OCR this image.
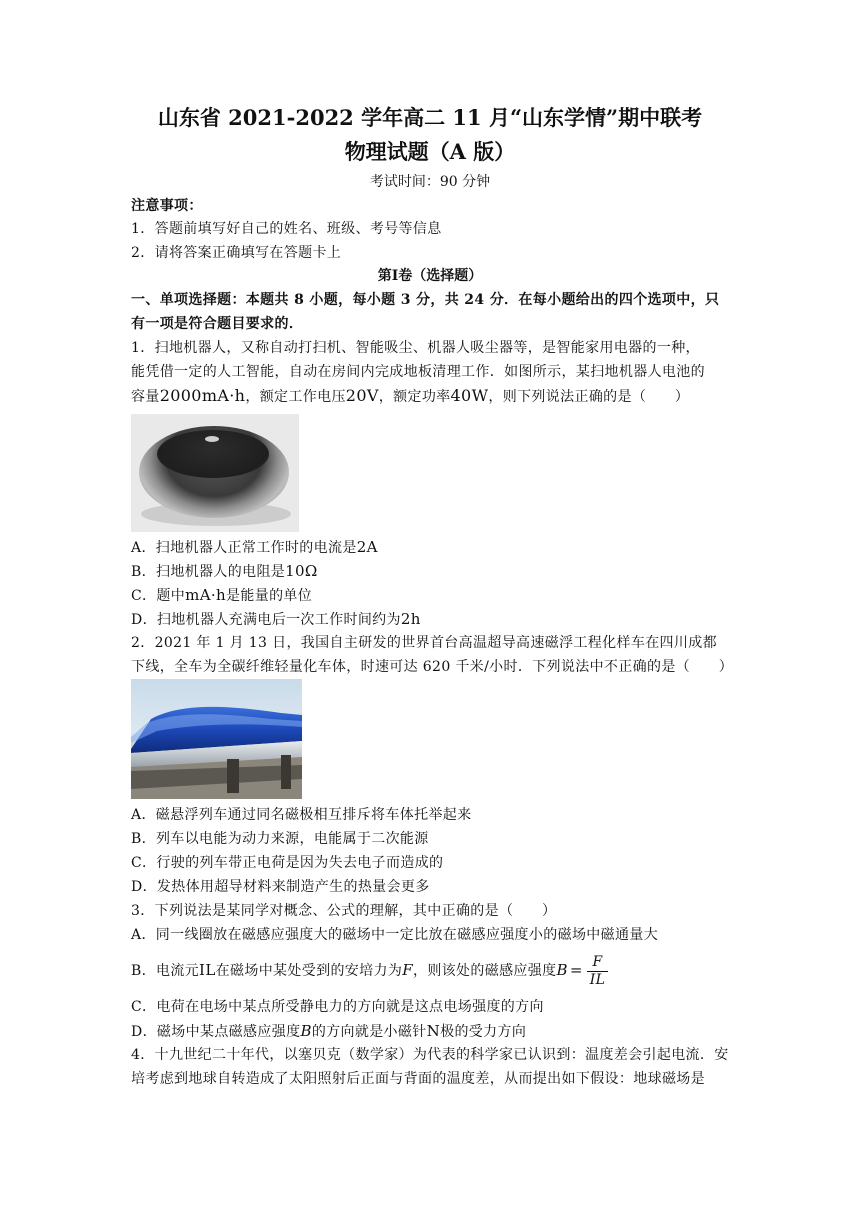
山东省 2021-2022 学年高二 11 月“山东学情”期中联考
物理试题（A 版）
考试时间：90 分钟
注意事项：
1．答题前填写好自己的姓名、班级、考号等信息
2．请将答案正确填写在答题卡上
第I卷（选择题）
一、单项选择题：本题共 8 小题，每小题 3 分，共 24 分．在每小题给出的四个选项中，只
有一项是符合题目要求的．
1．扫地机器人，又称自动打扫机、智能吸尘、机器人吸尘器等，是智能家用电器的一种，
能凭借一定的人工智能，自动在房间内完成地板清理工作．如图所示，某扫地机器人电池的
容量2000mA·h，额定工作电压20V，额定功率40W，则下列说法正确的是（　　）
A．扫地机器人正常工作时的电流是2A
B．扫地机器人的电阻是10Ω
C．题中mA·h是能量的单位
D．扫地机器人充满电后一次工作时间约为2h
2．2021 年 1 月 13 日，我国自主研发的世界首台高温超导高速磁浮工程化样车在四川成都
下线，全车为全碳纤维轻量化车体，时速可达 620 千米/小时．下列说法中不正确的是（　　）
A．磁悬浮列车通过同名磁极相互排斥将车体托举起来
B．列车以电能为动力来源，电能属于二次能源
C．行驶的列车带正电荷是因为失去电子而造成的
D．发热体用超导材料来制造产生的热量会更多
3．下列说法是某同学对概念、公式的理解，其中正确的是（　　）
A．同一线圈放在磁感应强度大的磁场中一定比放在磁感应强度小的磁场中磁通量大
B．电流元IL在磁场中某处受到的安培力为F，则该处的磁感应强度$B = \frac{F}{IL}$
C．电荷在电场中某点所受静电力的方向就是这点电场强度的方向
D．磁场中某点磁感应强度B的方向就是小磁针N极的受力方向
4．十九世纪二十年代，以塞贝克（数学家）为代表的科学家已认识到：温度差会引起电流．安
培考虑到地球自转造成了太阳照射后正面与背面的温度差，从而提出如下假设：地球磁场是
